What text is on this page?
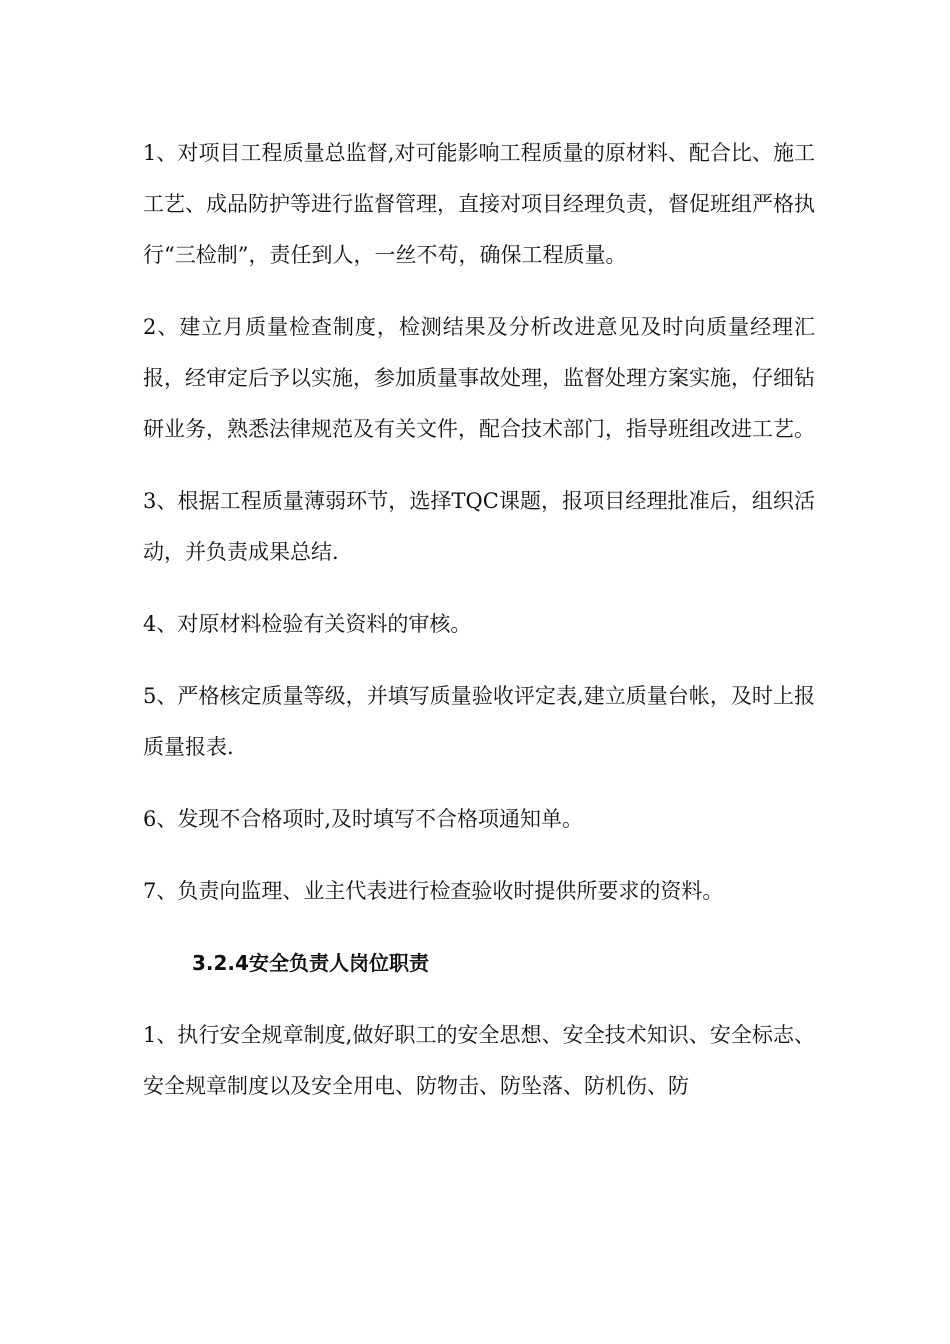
1、对项目工程质量总监督,对可能影响工程质量的原材料、配合比、施工工艺、成品防护等进行监督管理，直接对项目经理负责，督促班组严格执行“三检制”，责任到人，一丝不苟，确保工程质量。

2、建立月质量检查制度，检测结果及分析改进意见及时向质量经理汇报，经审定后予以实施，参加质量事故处理，监督处理方案实施，仔细钻研业务，熟悉法律规范及有关文件，配合技术部门，指导班组改进工艺。

3、根据工程质量薄弱环节，选择TQC课题，报项目经理批准后，组织活动，并负责成果总结.

4、对原材料检验有关资料的审核。

5、严格核定质量等级，并填写质量验收评定表,建立质量台帐，及时上报质量报表.

6、发现不合格项时,及时填写不合格项通知单。

7、负责向监理、业主代表进行检查验收时提供所要求的资料。

3.2.4安全负责人岗位职责

1、执行安全规章制度,做好职工的安全思想、安全技术知识、安全标志、安全规章制度以及安全用电、防物击、防坠落、防机伤、防
